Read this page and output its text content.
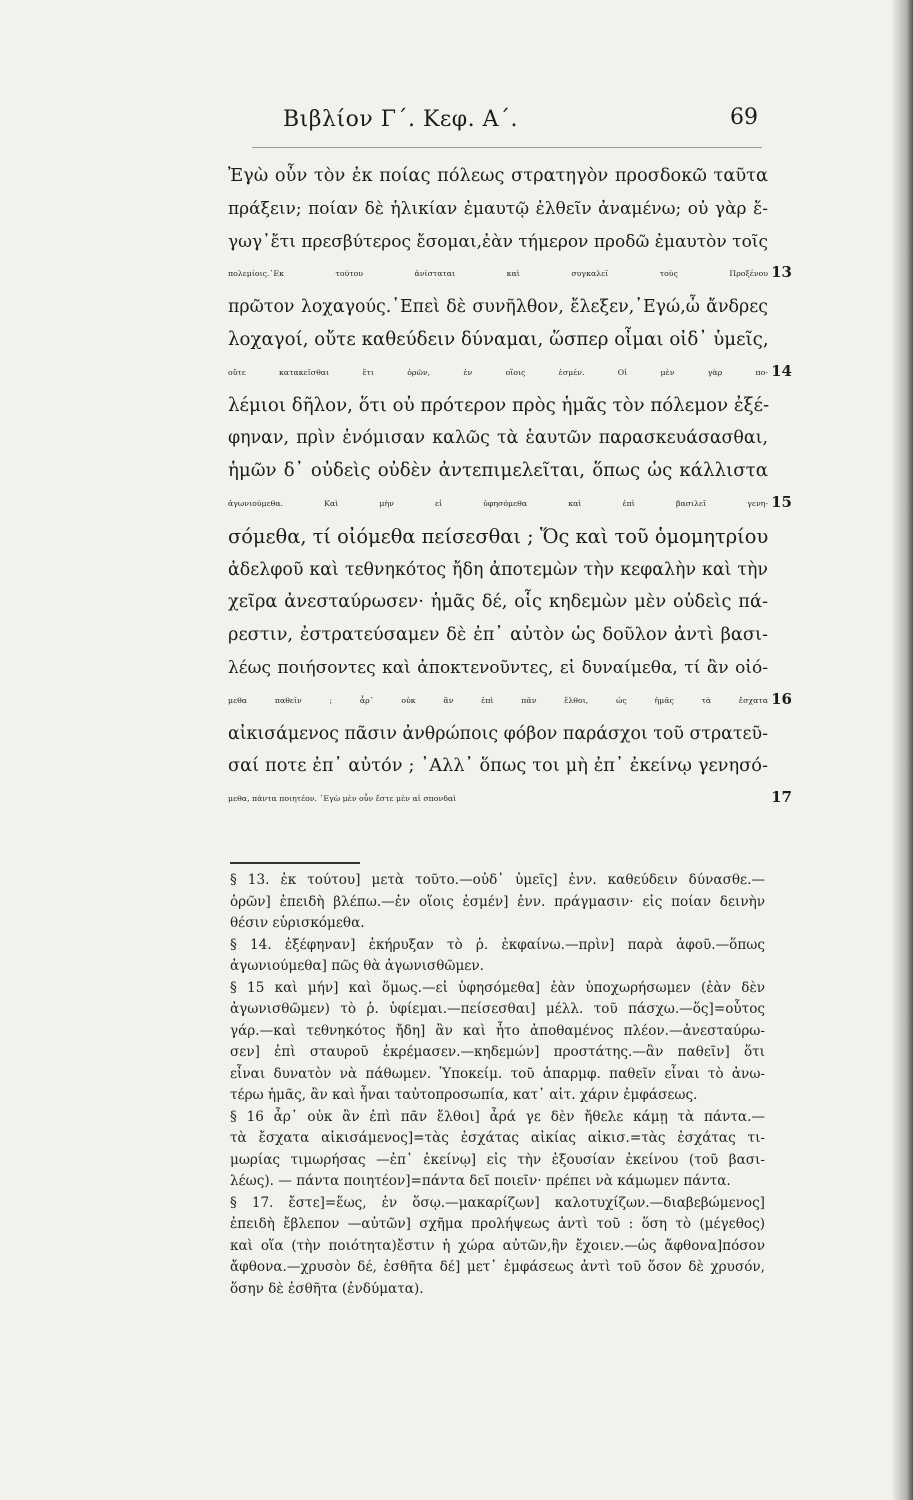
Βιβλίον Γ΄. Κεφ. Α΄.	69
Ἐγὼ οὖν τὸν ἐκ ποίας πόλεως στρατηγὸν προσδοκῶ ταῦτα
πράξειν; ποίαν δὲ ἡλικίαν ἐμαυτῷ ἐλθεῖν ἀναμένω; οὐ γὰρ ἔ-
γωγ᾽ἔτι πρεσβύτερος ἔσομαι,ἐὰν τήμερον προδῶ ἐμαυτὸν τοῖς
πολεμίοις.᾽Εκ τούτου ἀνίσταται καὶ συγκαλεῖ τοὺς Προξένου 13
πρῶτον λοχαγούς.᾽Επεὶ δὲ συνῆλθον, ἔλεξεν,᾽Εγώ,ὦ ἄνδρες
λοχαγοί, οὔτε καθεύδειν δύναμαι, ὥσπερ οἶμαι οἰδ᾽ ὑμεῖς,
οὔτε κατακεῖσθαι ἔτι ὁρῶν, ἐν οἵοις ἐσμέν. Οἱ μὲν γὰρ πο- 14
λέμιοι δῆλον, ὅτι οὐ πρότερον πρὸς ἡμᾶς τὸν πόλεμον ἐξέ-
φηναν, πρὶν ἐνόμισαν καλῶς τὰ ἑαυτῶν παρασκευάσασθαι,
ἡμῶν δ᾽ οὐδεὶς οὐδὲν ἀντεπιμελεῖται, ὅπως ὡς κάλλιστα
ἀγωνιούμεθα. Καὶ μὴν εἰ ὑφησόμεθα καὶ ἐπὶ βασιλεῖ γενη- 15
σόμεθα, τί οἰόμεθα πείσεσθαι ; Ὅς καὶ τοῦ ὁμομητρίου
ἀδελφοῦ καὶ τεθνηκότος ἤδη ἀποτεμὼν τὴν κεφαλὴν καὶ τὴν
χεῖρα ἀνεσταύρωσεν· ἡμᾶς δέ, οἷς κηδεμὼν μὲν οὐδεὶς πά-
ρεστιν, ἐστρατεύσαμεν δὲ ἐπ᾽ αὐτὸν ὡς δοῦλον ἀντὶ βασι-
λέως ποιήσοντες καὶ ἀποκτενοῦντες, εἰ δυναίμεθα, τί ἂν οἰό-
μεθα παθεῖν ; ἆρ᾽ οὐκ ἂν ἐπὶ πᾶν ἔλθοι, ὡς ἡμᾶς τὰ ἔσχατα 16
αἰκισάμενος πᾶσιν ἀνθρώποις φόβον παράσχοι τοῦ στρατεῦ-
σαί ποτε ἐπ᾽ αὐτόν ; ᾽Αλλ᾽ ὅπως τοι μὴ ἐπ᾽ ἐκείνῳ γενησό-
μεθα, πάντα ποιητέον. ᾽Εγὼ μὲν οὖν ἔστε μὲν αἱ σπονδαὶ	17
§ 13. ἐκ τούτου] μετὰ τοῦτο.—οὐδ᾽ ὑμεῖς] ἐνν. καθεύδειν δύνασθε.—
ὁρῶν] ἐπειδὴ βλέπω.—ἐν οἵοις ἐσμέν] ἐνν. πράγμασιν· εἰς ποίαν δεινὴν
θέσιν εὑρισκόμεθα.
§ 14. ἐξέφηναν] ἐκήρυξαν τὸ ῥ. ἐκφαίνω.—πρὶν] παρὰ ἀφοῦ.—ὅπως
ἀγωνιούμεθα] πῶς θὰ ἀγωνισθῶμεν.
§ 15 καὶ μήν] καὶ ὅμως.—εἰ ὑφησόμεθα] ἐὰν ὑποχωρήσωμεν (ἐὰν δὲν
ἀγωνισθῶμεν) τὸ ῥ. ὑφίεμαι.—πείσεσθαι] μέλλ. τοῦ πάσχω.—ὅς]=οὗτος
γάρ.—καὶ τεθνηκότος ἤδη] ἂν καὶ ἦτο ἀποθαμένος πλέον.—ἀνεσταύρω-
σεν] ἐπὶ σταυροῦ ἐκρέμασεν.—κηδεμών] προστάτης.—ἂν παθεῖν] ὅτι
εἶναι δυνατὸν νὰ πάθωμεν. Ὑποκείμ. τοῦ ἀπαρμφ. παθεῖν εἶναι τὸ ἀνω-
τέρω ἡμᾶς, ἂν καὶ ἦναι ταὐτοπροσωπία, κατ᾽ αἰτ. χάριν ἐμφάσεως.
§ 16 ἆρ᾽ οὐκ ἂν ἐπὶ πᾶν ἔλθοι] ἆρά γε δὲν ἤθελε κάμῃ τὰ πάντα.—
τὰ ἔσχατα αἰκισάμενος]=τὰς ἐσχάτας αἰκίας αἰκισ.=τὰς ἐσχάτας τι-
μωρίας τιμωρήσας —ἐπ᾽ ἐκείνῳ] εἰς τὴν ἐξουσίαν ἐκείνου (τοῦ βασι-
λέως). — πάντα ποιητέον]=πάντα δεῖ ποιεῖν· πρέπει νὰ κάμωμεν πάντα.
§ 17. ἔστε]=ἕως, ἐν ὅσῳ.—μακαρίζων] καλοτυχίζων.—διαβεβώμενος]
ἐπειδὴ ἔβλεπον —αὐτῶν] σχῆμα προλήψεως ἀντὶ τοῦ : ὅση τὸ (μέγεθος)
καὶ οἵα (τὴν ποιότητα)ἔστιν ἡ χώρα αὐτῶν,ἣν ἔχοιεν.—ὡς ἄφθονα]πόσον
ἄφθονα.—χρυσὸν δέ, ἐσθῆτα δέ] μετ᾽ ἐμφάσεως ἀντὶ τοῦ ὅσον δὲ χρυσόν,
ὅσην δὲ ἐσθῆτα (ἐνδύματα).
